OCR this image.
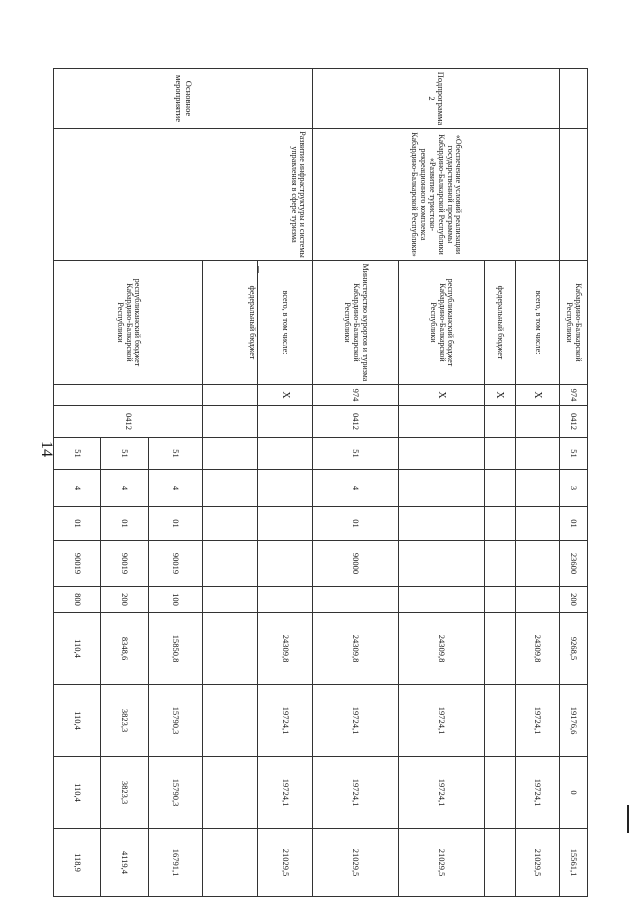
14
		Кабардино-Балкарской Республики	974	0412	51	3	01	23600	200	9268,5	19176,6	0	15561,1	
Подпрограмма 2	«Обеспечение условий реализации государственной программы Кабардино-Балкарской Республики «Развитие туристско-рекреационного комплекса Кабардино-Балкарской Республики»	всего, в том числе:	Х							24309,8	19724,1	19724,1	21029,5	
		федеральный бюджет	Х											
		республиканский бюджет Кабардино-Балкарской Республики	Х							24309,8	19724,1	19724,1	21029,5	
		Министерство курортов и туризма Кабардино-Балкарской Республики	974	0412	51	4	01	90000		24309,8	19724,1	19724,1	21029,5	
Основное мероприятие	Развитие инфраструктуры и системы управления в сфере туризма	всего, в том числе:	Х							24309,8	19724,1	19724,1	21029,5	
		федеральный бюджет												
		республиканский бюджет Кабардино-Балкарской Республики		0412	51	4	01	90019	100	15850,8	15790,3	15790,3	16791,1	
					51	4	01	90019	200	8348,6	3823,3	3823,3	4119,4	
					51	4	01	90019	800	110,4	110,4	110,4	118,9	
